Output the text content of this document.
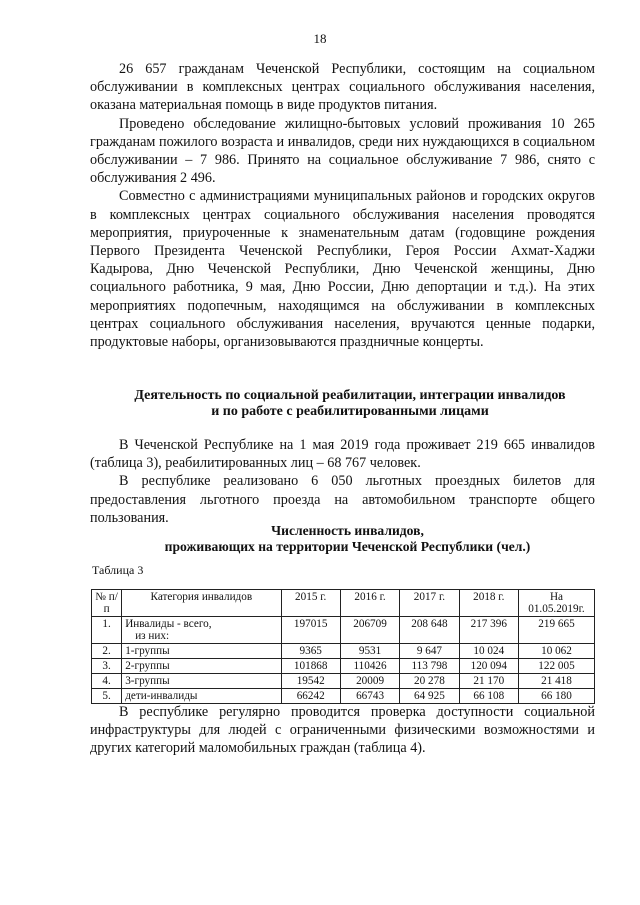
18

26 657 гражданам Чеченской Республики, состоящим на социальном обслуживании в комплексных центрах социального обслуживания населения, оказана материальная помощь в виде продуктов питания.

Проведено обследование жилищно-бытовых условий проживания 10 265 гражданам пожилого возраста и инвалидов, среди них нуждающихся в социальном обслуживании – 7 986. Принято на социальное обслуживание 7 986, снято с обслуживания 2 496.

Совместно с администрациями муниципальных районов и городских округов в комплексных центрах социального обслуживания населения проводятся мероприятия, приуроченные к знаменательным датам (годовщине рождения Первого Президента Чеченской Республики, Героя России Ахмат-Хаджи Кадырова, Дню Чеченской Республики, Дню Чеченской женщины, Дню социального работника, 9 мая, Дню России, Дню депортации и т.д.). На этих мероприятиях подопечным, находящимся на обслуживании в комплексных центрах социального обслуживания населения, вручаются ценные подарки, продуктовые наборы, организовываются праздничные концерты.

Деятельность по социальной реабилитации, интеграции инвалидов
и по работе с реабилитированными лицами

В Чеченской Республике на 1 мая 2019 года проживает 219 665 инвалидов (таблица 3), реабилитированных лиц – 68 767 человек.

В республике реализовано 6 050 льготных проездных билетов для предоставления льготного проезда на автомобильном транспорте общего пользования.

Численность инвалидов,
проживающих на территории Чеченской Республики (чел.)
Таблица 3
№ п/п	Категория инвалидов	2015 г.	2016 г.	2017 г.	2018 г.	На 01.05.2019г.
1.	Инвалиды - всего,
из них:	197015	206709	208 648	217 396	219 665
2.	1-группы	9365	9531	9 647	10 024	10 062
3.	2-группы	101868	110426	113 798	120 094	122 005
4.	3-группы	19542	20009	20 278	21 170	21 418
5.	дети-инвалиды	66242	66743	64 925	66 108	66 180

В республике регулярно проводится проверка доступности социальной инфраструктуры для людей с ограниченными физическими возможностями и других категорий маломобильных граждан (таблица 4).
